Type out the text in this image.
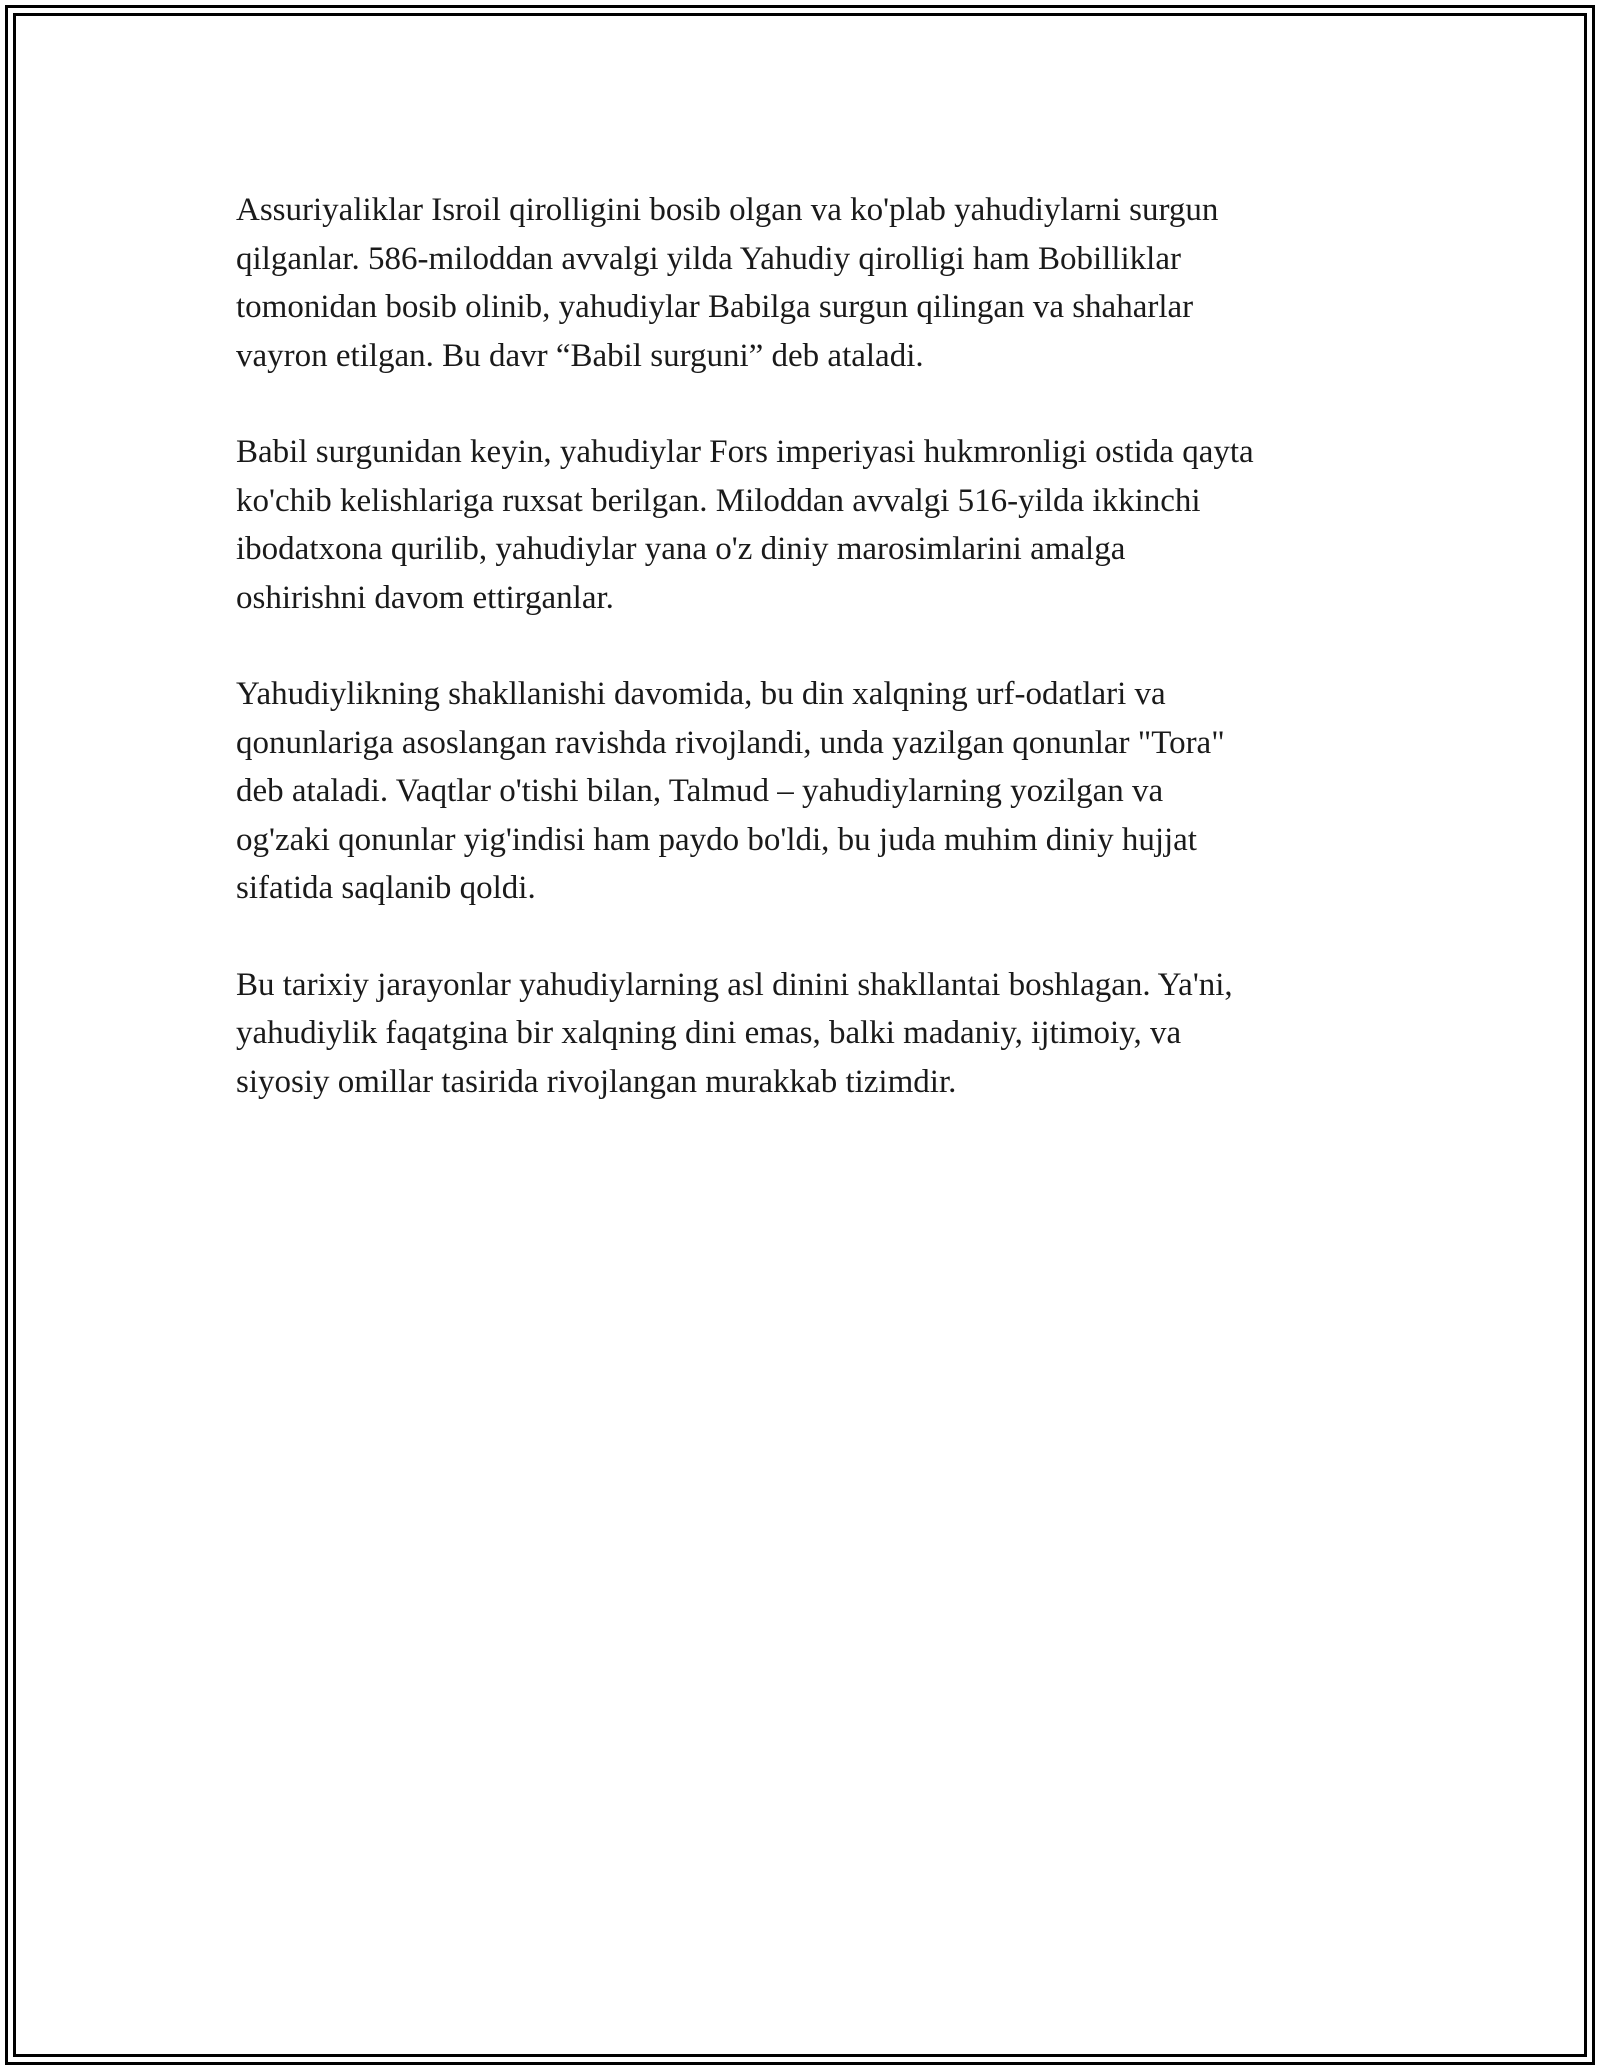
Assuriyaliklar Isroil qirolligini bosib olgan va ko'plab yahudiylarni surgun
qilganlar. 586-miloddan avvalgi yilda Yahudiy qirolligi ham Bobilliklar
tomonidan bosib olinib, yahudiylar Babilga surgun qilingan va shaharlar
vayron etilgan. Bu davr “Babil surguni” deb ataladi.

Babil surgunidan keyin, yahudiylar Fors imperiyasi hukmronligi ostida qayta
ko'chib kelishlariga ruxsat berilgan. Miloddan avvalgi 516-yilda ikkinchi
ibodatxona qurilib, yahudiylar yana o'z diniy marosimlarini amalga
oshirishni davom ettirganlar.

Yahudiylikning shakllanishi davomida, bu din xalqning urf-odatlari va
qonunlariga asoslangan ravishda rivojlandi, unda yazilgan qonunlar "Tora"
deb ataladi. Vaqtlar o'tishi bilan, Talmud – yahudiylarning yozilgan va
og'zaki qonunlar yig'indisi ham paydo bo'ldi, bu juda muhim diniy hujjat
sifatida saqlanib qoldi.

Bu tarixiy jarayonlar yahudiylarning asl dinini shakllantai boshlagan. Ya'ni,
yahudiylik faqatgina bir xalqning dini emas, balki madaniy, ijtimoiy, va
siyosiy omillar tasirida rivojlangan murakkab tizimdir.
